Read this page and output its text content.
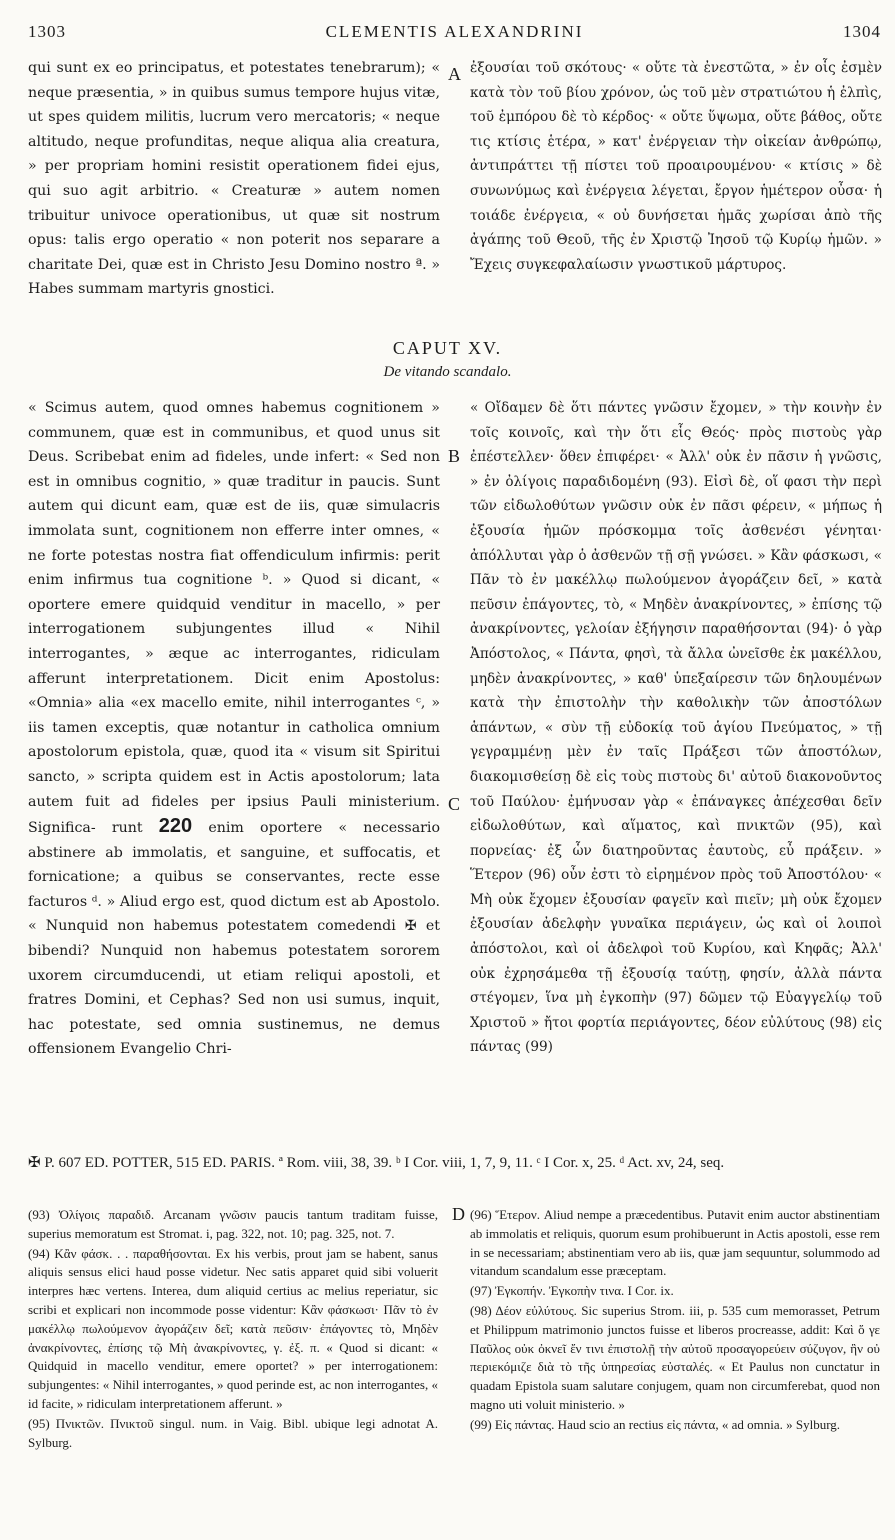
1303	CLEMENTIS ALEXANDRINI	1304
qui sunt ex eo principatus, et potestates tenebrarum); « neque præsentia, » in quibus sumus tempore hujus vitæ, ut spes quidem militis, lucrum vero mercatoris; « neque altitudo, neque profunditas, neque aliqua alia creatura, » per propriam homini resistit operationem fidei ejus, qui suo agit arbitrio. « Creaturæ » autem nomen tribuitur univoce operationibus, ut quæ sit nostrum opus: talis ergo operatio « non poterit nos separare a charitate Dei, quæ est in Christo Jesu Domino nostro ª. » Habes summam martyris gnostici.
A ἐξουσίαι τοῦ σκότους· « οὔτε τὰ ἐνεστῶτα, » ἐν οἷς ἐσμὲν κατὰ τὸν τοῦ βίου χρόνον, ὡς τοῦ μὲν στρατιώτου ἡ ἐλπὶς, τοῦ ἐμπόρου δὲ τὸ κέρδος· « οὔτε ὕψωμα, οὔτε βάθος, οὔτε τις κτίσις ἑτέρα, » κατ' ἐνέργειαν τὴν οἰκείαν ἀνθρώπῳ, ἀντιπράττει τῇ πίστει τοῦ προαιρουμένου· « κτίσις » δὲ συνωνύμως καὶ ἐνέργεια λέγεται, ἔργον ἡμέτερον οὖσα· ἡ τοιάδε ἐνέργεια, « οὐ δυνήσεται ἡμᾶς χωρίσαι ἀπὸ τῆς ἀγάπης τοῦ Θεοῦ, τῆς ἐν Χριστῷ Ἰησοῦ τῷ Κυρίῳ ἡμῶν. » Ἔχεις συγκεφαλαίωσιν γνωστικοῦ μάρτυρος.
CAPUT XV.
De vitando scandalo.
« Scimus autem, quod omnes habemus cognitionem » communem, quæ est in communibus, et quod unus sit Deus. Scribebat enim ad fideles, unde infert: « Sed non est in omnibus cognitio, » quæ traditur in paucis. Sunt autem qui dicunt eam, quæ est de iis, quæ simulacris immolata sunt, cognitionem non efferre inter omnes, « ne forte potestas nostra fiat offendiculum infirmis: perit enim infirmus tua cognitione ᵇ. » Quod si dicant, « oportere emere quidquid venditur in macello, » per interrogationem subjungentes illud « Nihil interrogantes, » æque ac interrogantes, ridiculam afferunt interpretationem. Dicit enim Apostolus: «Omnia» alia «ex macello emite, nihil interrogantes ᶜ, » iis tamen exceptis, quæ notantur in catholica omnium apostolorum epistola, quæ, quod ita « visum sit Spiritui sancto, » scripta quidem est in Actis apostolorum; lata autem fuit ad fideles per ipsius Pauli ministerium. Significa- runt 220 enim oportere « necessario abstinere ab immolatis, et sanguine, et suffocatis, et fornicatione; a quibus se conservantes, recte esse facturos ᵈ. » Aliud ergo est, quod dictum est ab Apostolo. « Nunquid non habemus potestatem comedendi ✠ et bibendi? Nunquid non habemus potestatem sororem uxorem circumducendi, ut etiam reliqui apostoli, et fratres Domini, et Cephas? Sed non usi sumus, inquit, hac potestate, sed omnia sustinemus, ne demus offensionem Evangelio Chri-
B
C
« Οἴδαμεν δὲ ὅτι πάντες γνῶσιν ἔχομεν, » τὴν κοινὴν ἐν τοῖς κοινοῖς, καὶ τὴν ὅτι εἷς Θεός· πρὸς πιστοὺς γὰρ ἐπέστελλεν· ὅθεν ἐπιφέρει· « Ἀλλ' οὐκ ἐν πᾶσιν ἡ γνῶσις, » ἐν ὀλίγοις παραδιδομένη (93). Εἰσὶ δὲ, οἵ φασι τὴν περὶ τῶν εἰδωλοθύτων γνῶσιν οὐκ ἐν πᾶσι φέρειν, « μήπως ἡ ἐξουσία ἡμῶν πρόσκομμα τοῖς ἀσθενέσι γένηται· ἀπόλλυται γὰρ ὁ ἀσθενῶν τῇ σῇ γνώσει. » Κἂν φάσκωσι, « Πᾶν τὸ ἐν μακέλλῳ πωλούμενον ἀγοράζειν δεῖ, » κατὰ πεῦσιν ἐπάγοντες, τὸ, « Μηδὲν ἀνακρίνοντες, » ἐπίσης τῷ ἀνακρίνοντες, γελοίαν ἐξήγησιν παραθήσονται (94)· ὁ γὰρ Ἀπόστολος, « Πάντα, φησὶ, τὰ ἄλλα ὠνεῖσθε ἐκ μακέλλου, μηδὲν ἀνακρίνοντες, » καθ' ὑπεξαίρεσιν τῶν δηλουμένων κατὰ τὴν ἐπιστολὴν τὴν καθολικὴν τῶν ἀποστόλων ἁπάντων, « σὺν τῇ εὐδοκίᾳ τοῦ ἁγίου Πνεύματος, » τῇ γεγραμμένῃ μὲν ἐν ταῖς Πράξεσι τῶν ἀποστόλων, διακομισθείσῃ δὲ εἰς τοὺς πιστοὺς δι' αὐτοῦ διακονοῦντος τοῦ Παύλου· ἐμήνυσαν γὰρ « ἐπάναγκες ἀπέχεσθαι δεῖν εἰδωλοθύτων, καὶ αἵματος, καὶ πνικτῶν (95), καὶ πορνείας· ἐξ ὧν διατηροῦντας ἑαυτοὺς, εὖ πράξειν. » Ἕτερον (96) οὖν ἐστι τὸ εἰρημένον πρὸς τοῦ Ἀποστόλου· « Μὴ οὐκ ἔχομεν ἐξουσίαν φαγεῖν καὶ πιεῖν; μὴ οὐκ ἔχομεν ἐξουσίαν ἀδελφὴν γυναῖκα περιάγειν, ὡς καὶ οἱ λοιποὶ ἀπόστολοι, καὶ οἱ ἀδελφοὶ τοῦ Κυρίου, καὶ Κηφᾶς; Ἀλλ' οὐκ ἐχρησάμεθα τῇ ἐξουσίᾳ ταύτῃ, φησίν, ἀλλὰ πάντα στέγομεν, ἵνα μὴ ἐγκοπὴν (97) δῶμεν τῷ Εὐαγγελίῳ τοῦ Χριστοῦ » ἤτοι φορτία περιάγοντες, δέον εὐλύτους (98) εἰς πάντας (99)
✠ P. 607 ED. POTTER, 515 ED. PARIS. ª Rom. viii, 38, 39. ᵇ I Cor. viii, 1, 7, 9, 11. ᶜ I Cor. x, 25. ᵈ Act. xv, 24, seq.

(93) Ὀλίγοις παραδιδ. Arcanam γνῶσιν paucis tantum traditam fuisse, superius memoratum est Stromat. i, pag. 322, not. 10; pag. 325, not. 7.

(94) Κἂν φάσκ. . . παραθήσονται. Ex his verbis, prout jam se habent, sanus aliquis sensus elici haud posse videtur. Nec satis apparet quid sibi voluerit interpres hæc vertens. Interea, dum aliquid certius ac melius reperiatur, sic scribi et explicari non incommode posse videntur: Κἂν φάσκωσι· Πᾶν τὸ ἐν μακέλλῳ πωλούμενον ἀγοράζειν δεῖ; κατὰ πεῦσιν· ἐπάγοντες τὸ, Μηδὲν ἀνακρίνοντες, ἐπίσης τῷ Μὴ ἀνακρίνοντες, γ. ἐξ. π. « Quod si dicant: « Quidquid in macello venditur, emere oportet? » per interrogationem: subjungentes: « Nihil interrogantes, » quod perinde est, ac non interrogantes, « id facite, » ridiculam interpretationem afferunt. »

(95) Πνικτῶν. Πνικτοῦ singul. num. in Vaig. Bibl. ubique legi adnotat A. Sylburg.

D (96) Ἕτερον. Aliud nempe a præcedentibus. Putavit enim auctor abstinentiam ab immolatis et reliquis, quorum esum prohibuerunt in Actis apostoli, esse rem in se necessariam; abstinentiam vero ab iis, quæ jam sequuntur, solummodo ad vitandum scandalum esse præceptam.

(97) Ἐγκοπήν. Ἐγκοπὴν τινα. I Cor. ix.

(98) Δέον εὐλύτους. Sic superius Strom. iii, p. 535 cum memorasset, Petrum et Philippum matrimonio junctos fuisse et liberos procreasse, addit: Καὶ ὅ γε Παῦλος οὐκ ὀκνεῖ ἔν τινι ἐπιστολῇ τὴν αὐτοῦ προσαγορεύειν σύζυγον, ἣν οὐ περιεκόμιζε διὰ τὸ τῆς ὑπηρεσίας εὐσταλές. « Et Paulus non cunctatur in quadam Epistola suam salutare conjugem, quam non circumferebat, quod non magno uti voluit ministerio. »

(99) Εἰς πάντας. Haud scio an rectius εἰς πάντα, « ad omnia. » Sylburg.
